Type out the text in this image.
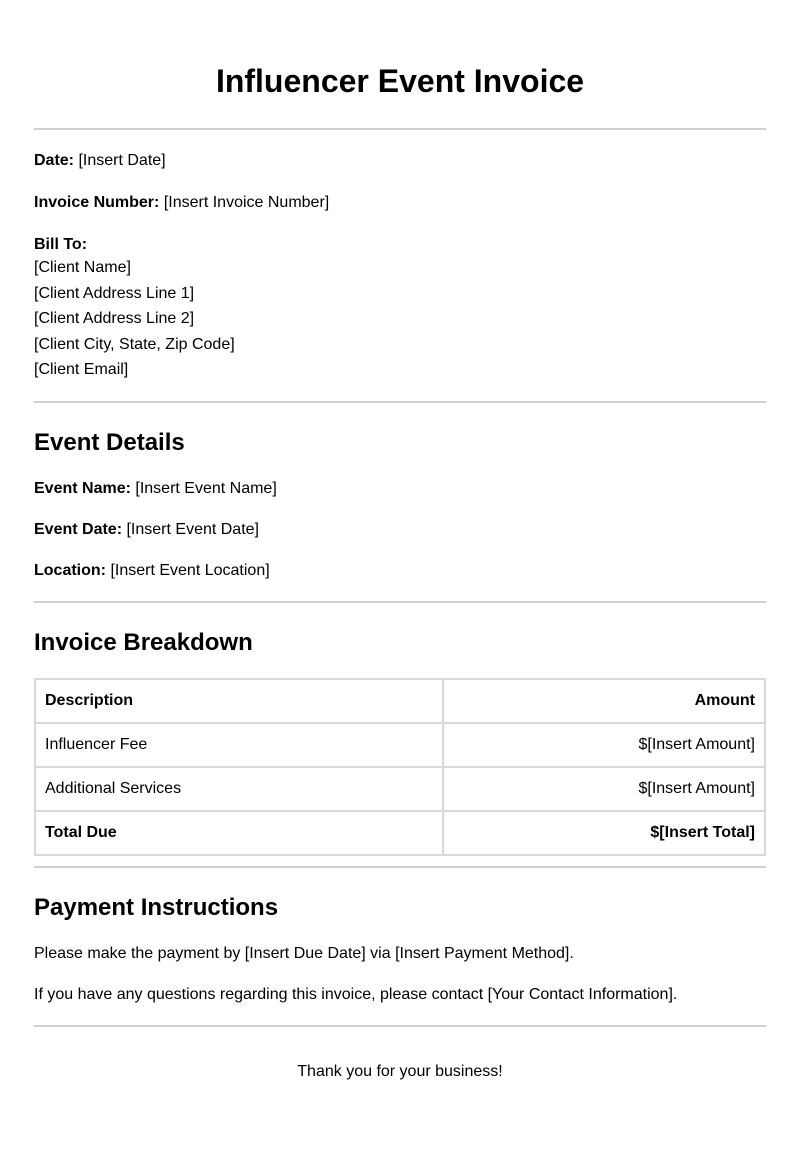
Influencer Event Invoice

Date: [Insert Date]

Invoice Number: [Insert Invoice Number]

Bill To:
[Client Name]
[Client Address Line 1]
[Client Address Line 2]
[Client City, State, Zip Code]
[Client Email]
Event Details

Event Name: [Insert Event Name]

Event Date: [Insert Event Date]

Location: [Insert Event Location]

Invoice Breakdown
Description	Amount
Influencer Fee	$[Insert Amount]
Additional Services	$[Insert Amount]
Total Due	$[Insert Total]
Payment Instructions

Please make the payment by [Insert Due Date] via [Insert Payment Method].

If you have any questions regarding this invoice, please contact [Your Contact Information].

Thank you for your business!
